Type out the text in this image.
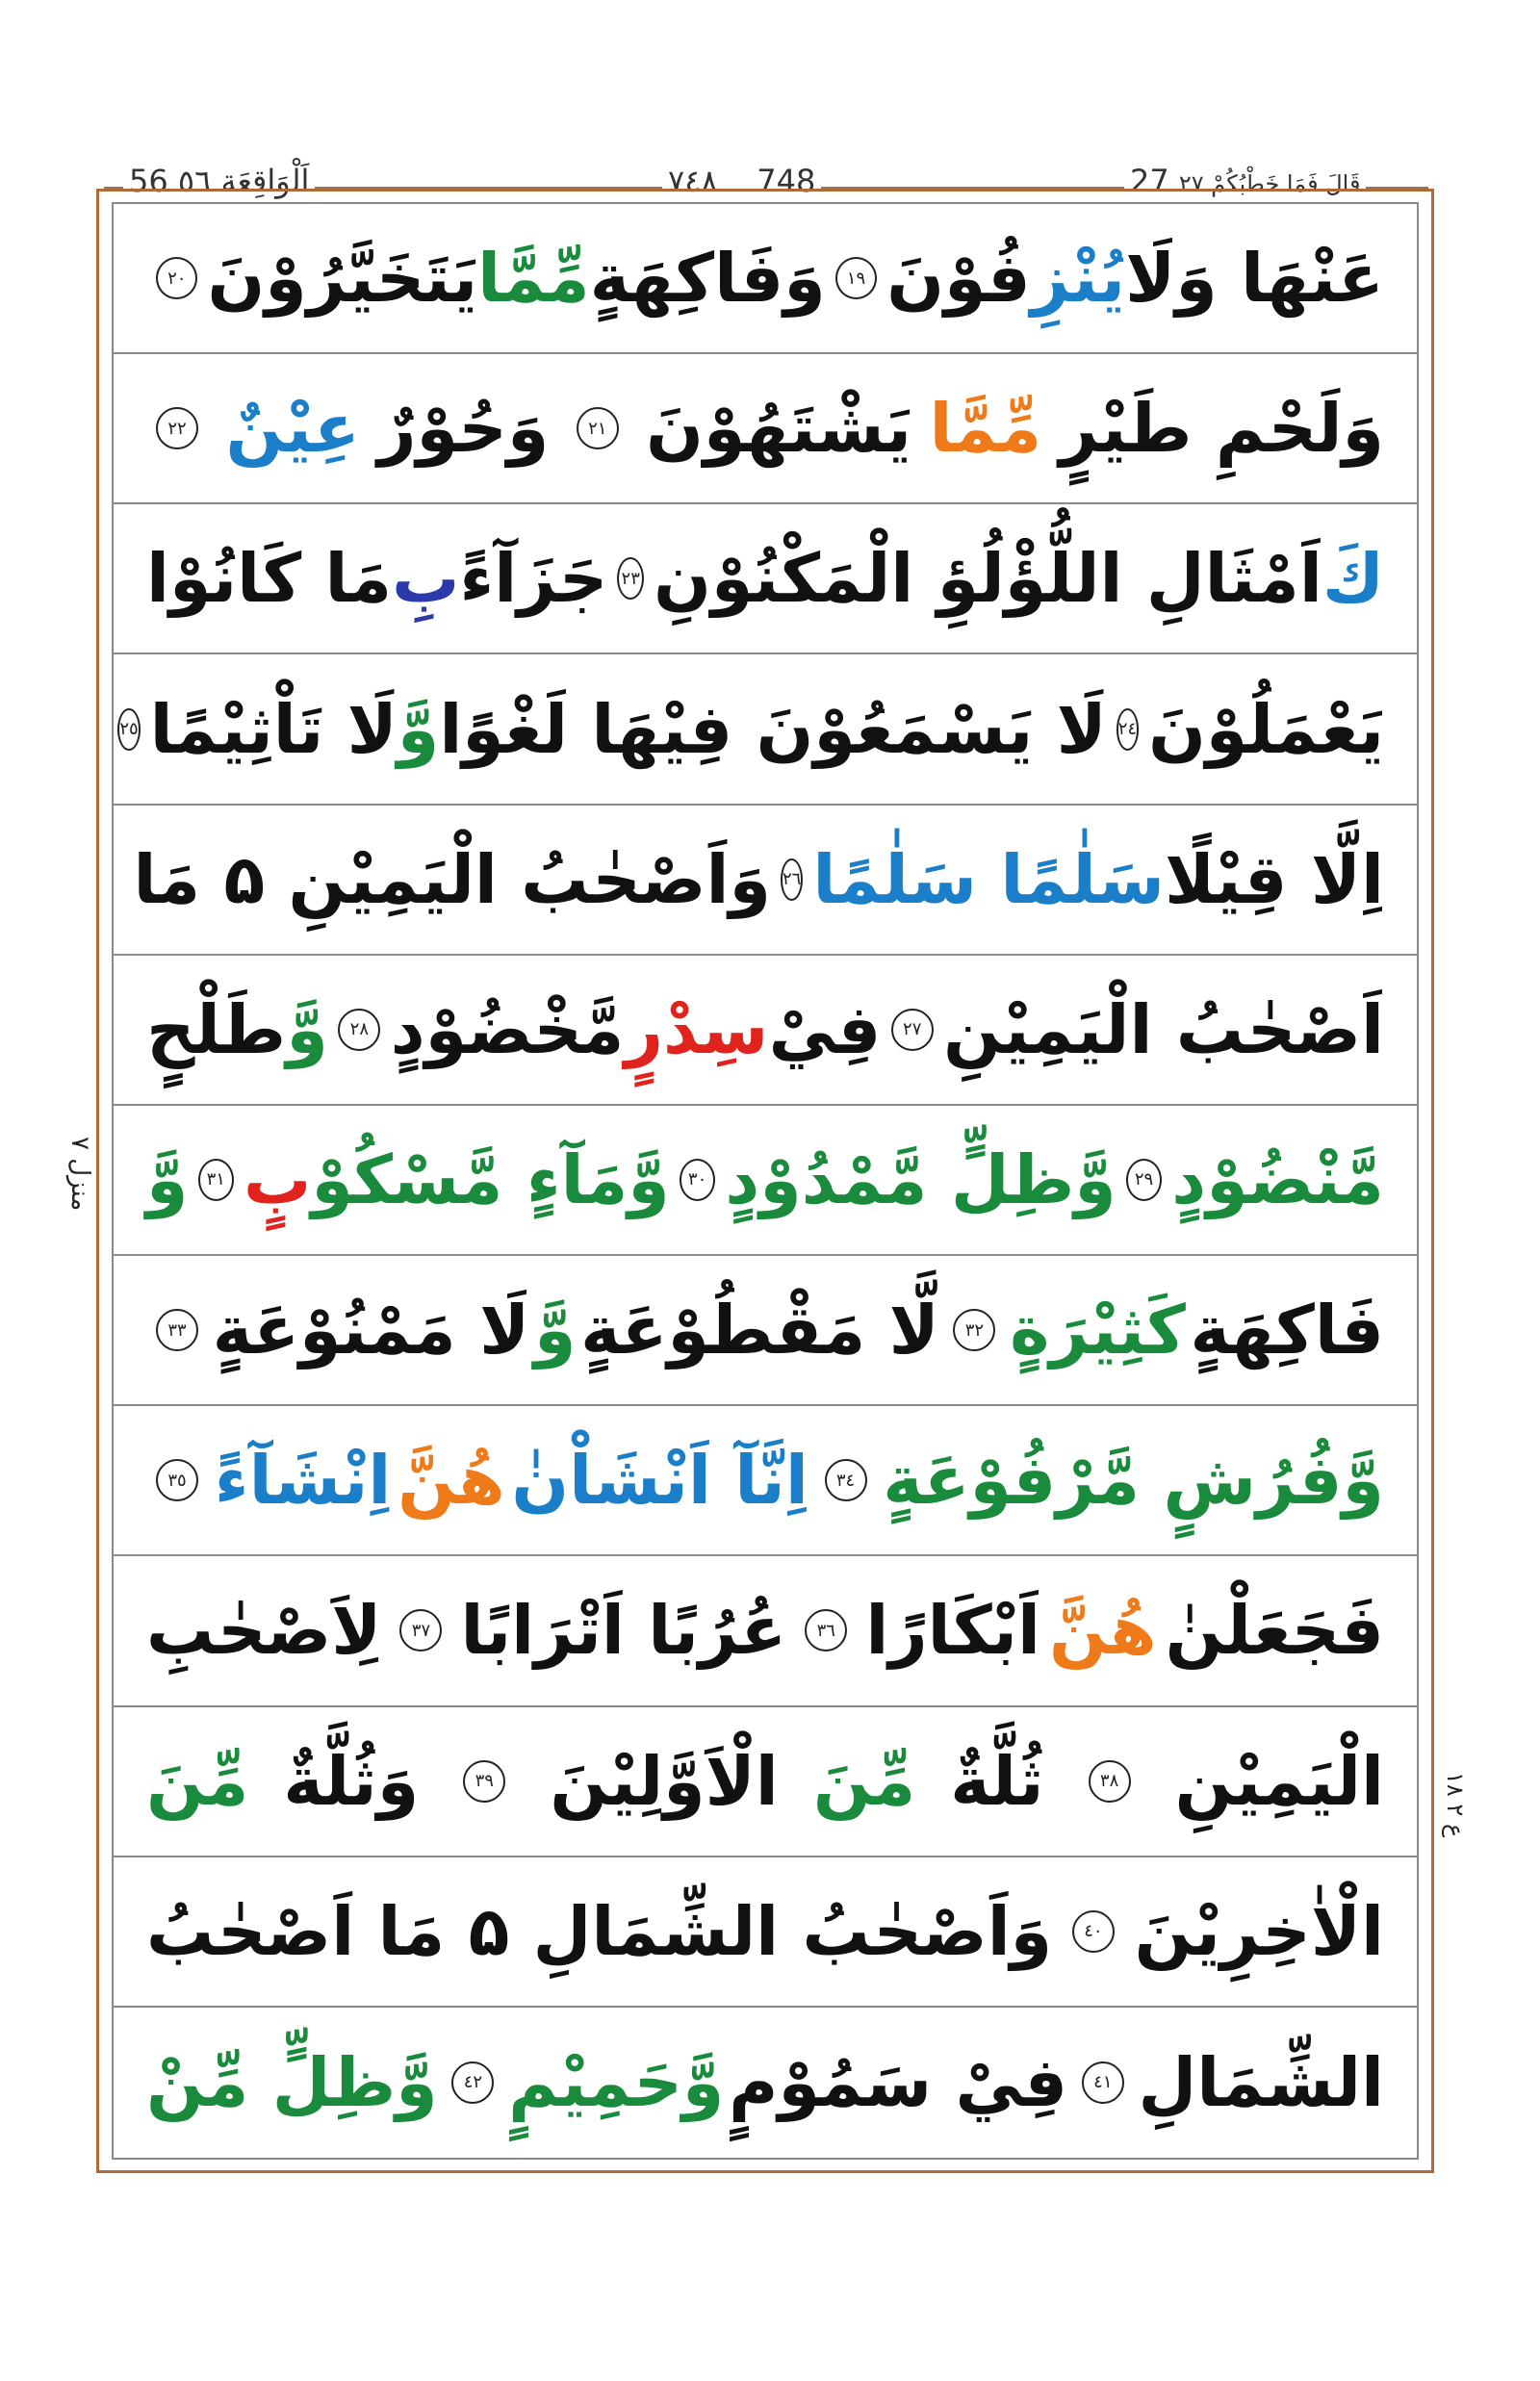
اَلْوَاقِعَة ٥٦ 56	٧٤٨ 748	قَالَ فَمَا خَطْبُكُمْ ٢٧ 27
عَنْهَا وَلَا
يُنْزِ
فُوْنَ
١٩
وَفَاكِهَةٍ
مِّمَّا
يَتَخَيَّرُوْنَ
٢٠
وَلَحْمِ طَيْرٍ
مِّمَّا
يَشْتَهُوْنَ
٢١
وَحُوْرٌ
عِيْنٌ
٢٢
كَ
اَمْثَالِ اللُّؤْلُؤِ الْمَكْنُوْنِ
٢٣
جَزَآءً
بِ
مَا كَانُوْا
يَعْمَلُوْنَ
٢٤
لَا يَسْمَعُوْنَ فِيْهَا لَغْوًا
وَّ
لَا تَاْثِيْمًا
٢٥
اِلَّا قِيْلًا
سَلٰمًا سَلٰمًا
٢٦
وَاَصْحٰبُ الْيَمِيْنِ ۵ مَا
اَصْحٰبُ الْيَمِيْنِ
٢٧
فِيْ
سِدْرٍ
مَّخْضُوْدٍ
٢٨
وَّ
طَلْحٍ
مَّنْضُوْدٍ
٢٩
وَّظِلٍّ مَّمْدُوْدٍ
٣٠
وَّمَآءٍ مَّسْكُوْ
بٍ
٣١
وَّ
فَاكِهَةٍ
كَثِيْرَةٍ
٣٢
لَّا مَقْطُوْعَةٍ
وَّ
لَا مَمْنُوْعَةٍ
٣٣
وَّفُرُشٍ مَّرْفُوْعَةٍ
٣٤
اِنَّآ اَنْشَاْنٰ
هُنَّ
اِنْشَآءً
٣٥
فَجَعَلْنٰ
هُنَّ
اَبْكَارًا
٣٦
عُرُبًا اَتْرَابًا
٣٧
لِاَصْحٰبِ
الْيَمِيْنِ
٣٨
ثُلَّةٌ
مِّنَ
الْاَوَّلِيْنَ
٣٩
وَثُلَّةٌ
مِّنَ
الْاٰخِرِيْنَ
٤٠
وَاَصْحٰبُ الشِّمَالِ ۵ مَا اَصْحٰبُ
الشِّمَالِ
٤١
فِيْ سَمُوْمٍ
وَّحَمِيْمٍ
٤٢
وَّظِلٍّ مِّنْ
منزل ٧
ع ٢ ١٨
